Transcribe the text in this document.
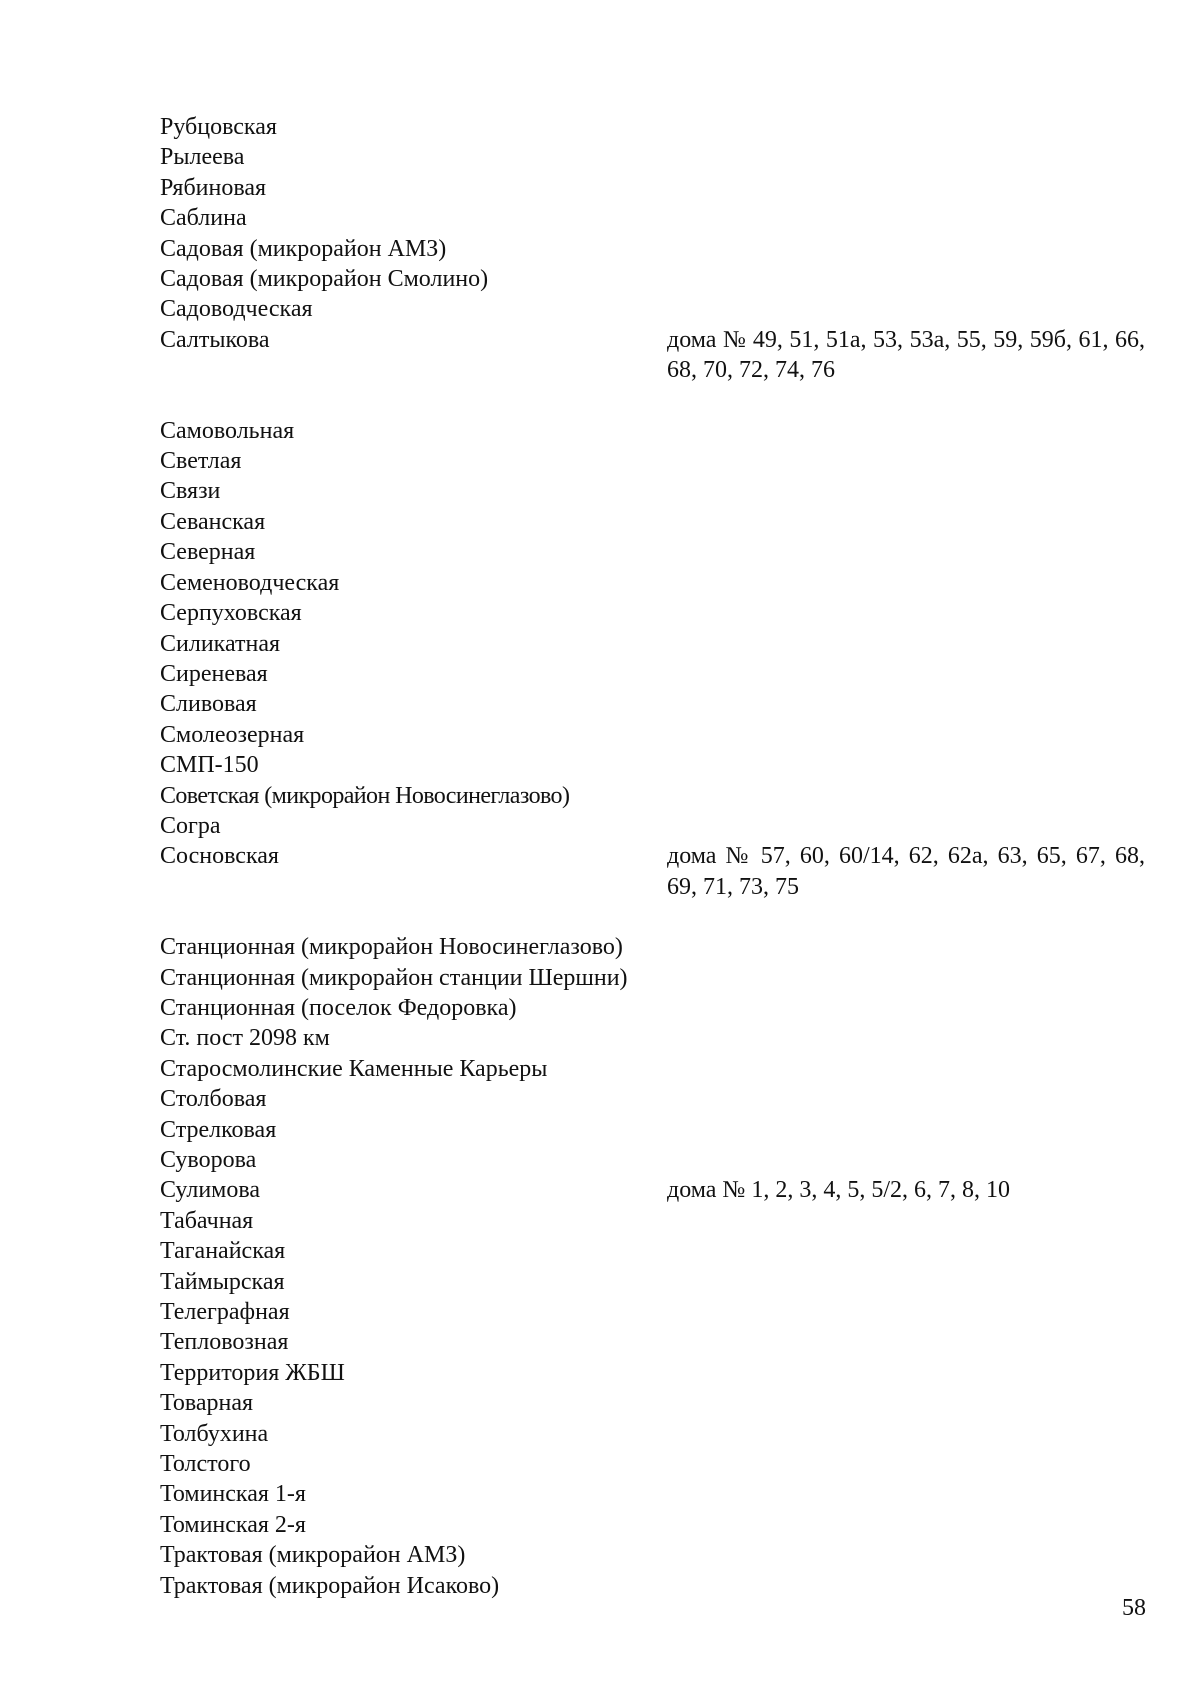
Рубцовская
Рылеева
Рябиновая
Саблина
Садовая (микрорайон АМЗ)
Садовая (микрорайон Смолино)
Садоводческая
Салтыкова	дома № 49, 51, 51а, 53, 53а, 55, 59, 59б, 61, 66, 68, 70, 72, 74, 76
Самовольная
Светлая
Связи
Севанская
Северная
Семеноводческая
Серпуховская
Силикатная
Сиреневая
Сливовая
Смолеозерная
СМП-150
Советская (микрорайон Новосинеглазово)
Согра
Сосновская	дома № 57, 60, 60/14, 62, 62а, 63, 65, 67, 68, 69, 71, 73, 75
Станционная (микрорайон Новосинеглазово)
Станционная (микрорайон станции Шершни)
Станционная (поселок Федоровка)
Ст. пост 2098 км
Старосмолинские Каменные Карьеры
Столбовая
Стрелковая
Суворова
Сулимова	дома № 1, 2, 3, 4, 5, 5/2, 6, 7, 8, 10
Табачная
Таганайская
Таймырская
Телеграфная
Тепловозная
Территория ЖБШ
Товарная
Толбухина
Толстого
Томинская 1-я
Томинская 2-я
Трактовая (микрорайон АМЗ)
Трактовая (микрорайон Исаково)
58
